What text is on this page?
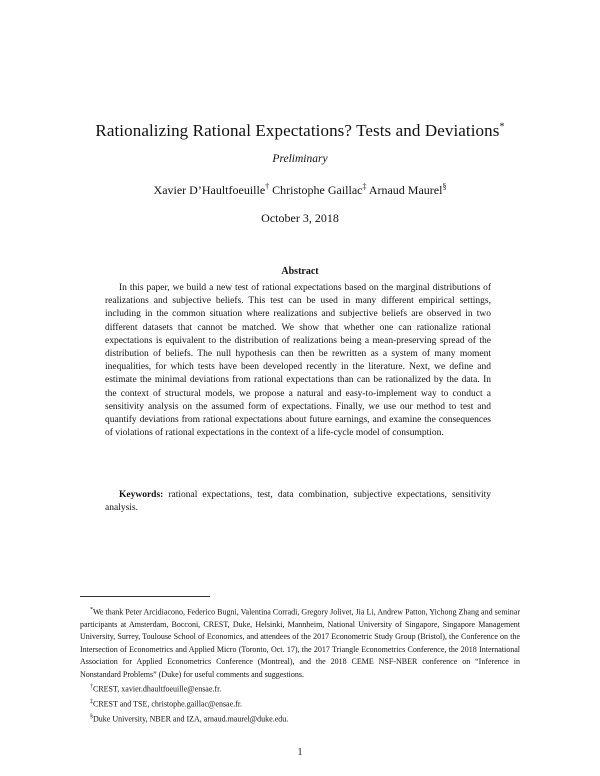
Rationalizing Rational Expectations? Tests and Deviations*
Preliminary
Xavier D’Haultfoeuille† Christophe Gaillac‡ Arnaud Maurel§
October 3, 2018
Abstract

In this paper, we build a new test of rational expectations based on the marginal distributions of realizations and subjective beliefs. This test can be used in many different empirical settings, including in the common situation where realizations and subjective beliefs are observed in two different datasets that cannot be matched. We show that whether one can rationalize rational expectations is equivalent to the distribution of realizations being a mean-preserving spread of the distribution of beliefs. The null hypothesis can then be rewritten as a system of many moment inequalities, for which tests have been developed recently in the literature. Next, we define and estimate the minimal deviations from rational expectations than can be rationalized by the data. In the context of structural models, we propose a natural and easy-to-implement way to conduct a sensitivity analysis on the assumed form of expectations. Finally, we use our method to test and quantify deviations from rational expectations about future earnings, and examine the consequences of violations of rational expectations in the context of a life-cycle model of consumption.

Keywords: rational expectations, test, data combination, subjective expectations, sensitivity analysis.

*We thank Peter Arcidiacono, Federico Bugni, Valentina Corradi, Gregory Jolivet, Jia Li, Andrew Patton, Yichong Zhang and seminar participants at Amsterdam, Bocconi, CREST, Duke, Helsinki, Mannheim, National University of Singapore, Singapore Management University, Surrey, Toulouse School of Economics, and attendees of the 2017 Econometric Study Group (Bristol), the Conference on the Intersection of Econometrics and Applied Micro (Toronto, Oct. 17), the 2017 Triangle Econometrics Conference, the 2018 International Association for Applied Econometrics Conference (Montreal), and the 2018 CEME NSF-NBER conference on “Inference in Nonstandard Problems” (Duke) for useful comments and suggestions.

†CREST, xavier.dhaultfoeuille@ensae.fr.

‡CREST and TSE, christophe.gaillac@ensae.fr.

§Duke University, NBER and IZA, arnaud.maurel@duke.edu.

1
